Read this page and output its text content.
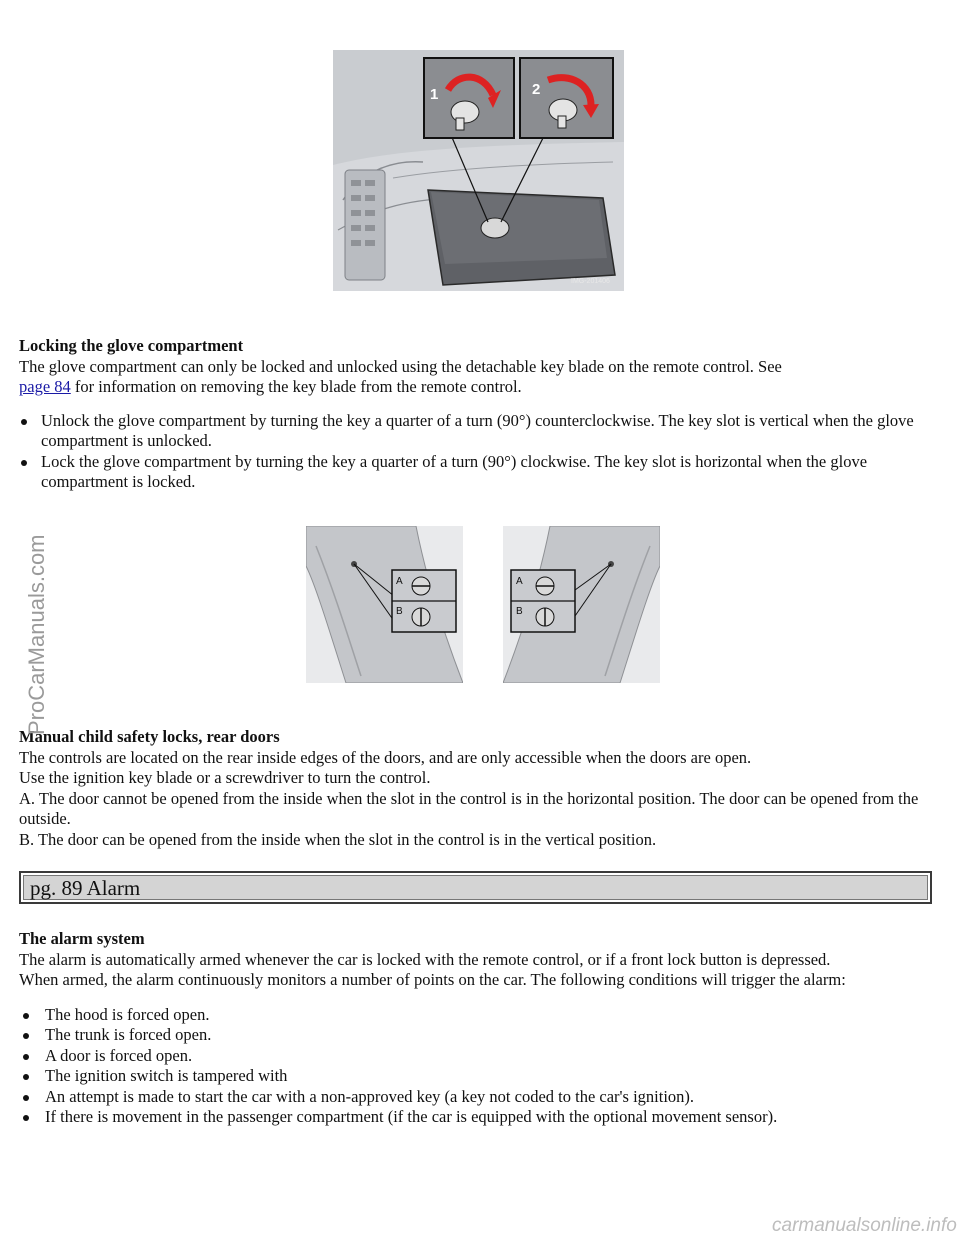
1	2
IMG-201406

Locking the glove compartment

The glove compartment can only be locked and unlocked using the detachable key blade on the remote control. See
page 84 for information on removing the key blade from the remote control.

Unlock the glove compartment by turning the key a quarter of a turn (90°) counterclockwise. The key slot is vertical when the glove compartment is unlocked.
Lock the glove compartment by turning the key a quarter of a turn (90°) clockwise. The key slot is horizontal when the glove compartment is locked.
A
B
A
B

Manual child safety locks, rear doors

The controls are located on the rear inside edges of the doors, and are only accessible when the doors are open.

Use the ignition key blade or a screwdriver to turn the control.

A. The door cannot be opened from the inside when the slot in the control is in the horizontal position. The door can be opened from the outside.

B. The door can be opened from the inside when the slot in the control is in the vertical position.

pg. 89 Alarm

The alarm system

The alarm is automatically armed whenever the car is locked with the remote control, or if a front lock button is depressed.

When armed, the alarm continuously monitors a number of points on the car. The following conditions will trigger the alarm:

The hood is forced open.
The trunk is forced open.
A door is forced open.
The ignition switch is tampered with
An attempt is made to start the car with a non-approved key (a key not coded to the car's ignition).
If there is movement in the passenger compartment (if the car is equipped with the optional movement sensor).
ProCarManuals.com
carmanualsonline.info
